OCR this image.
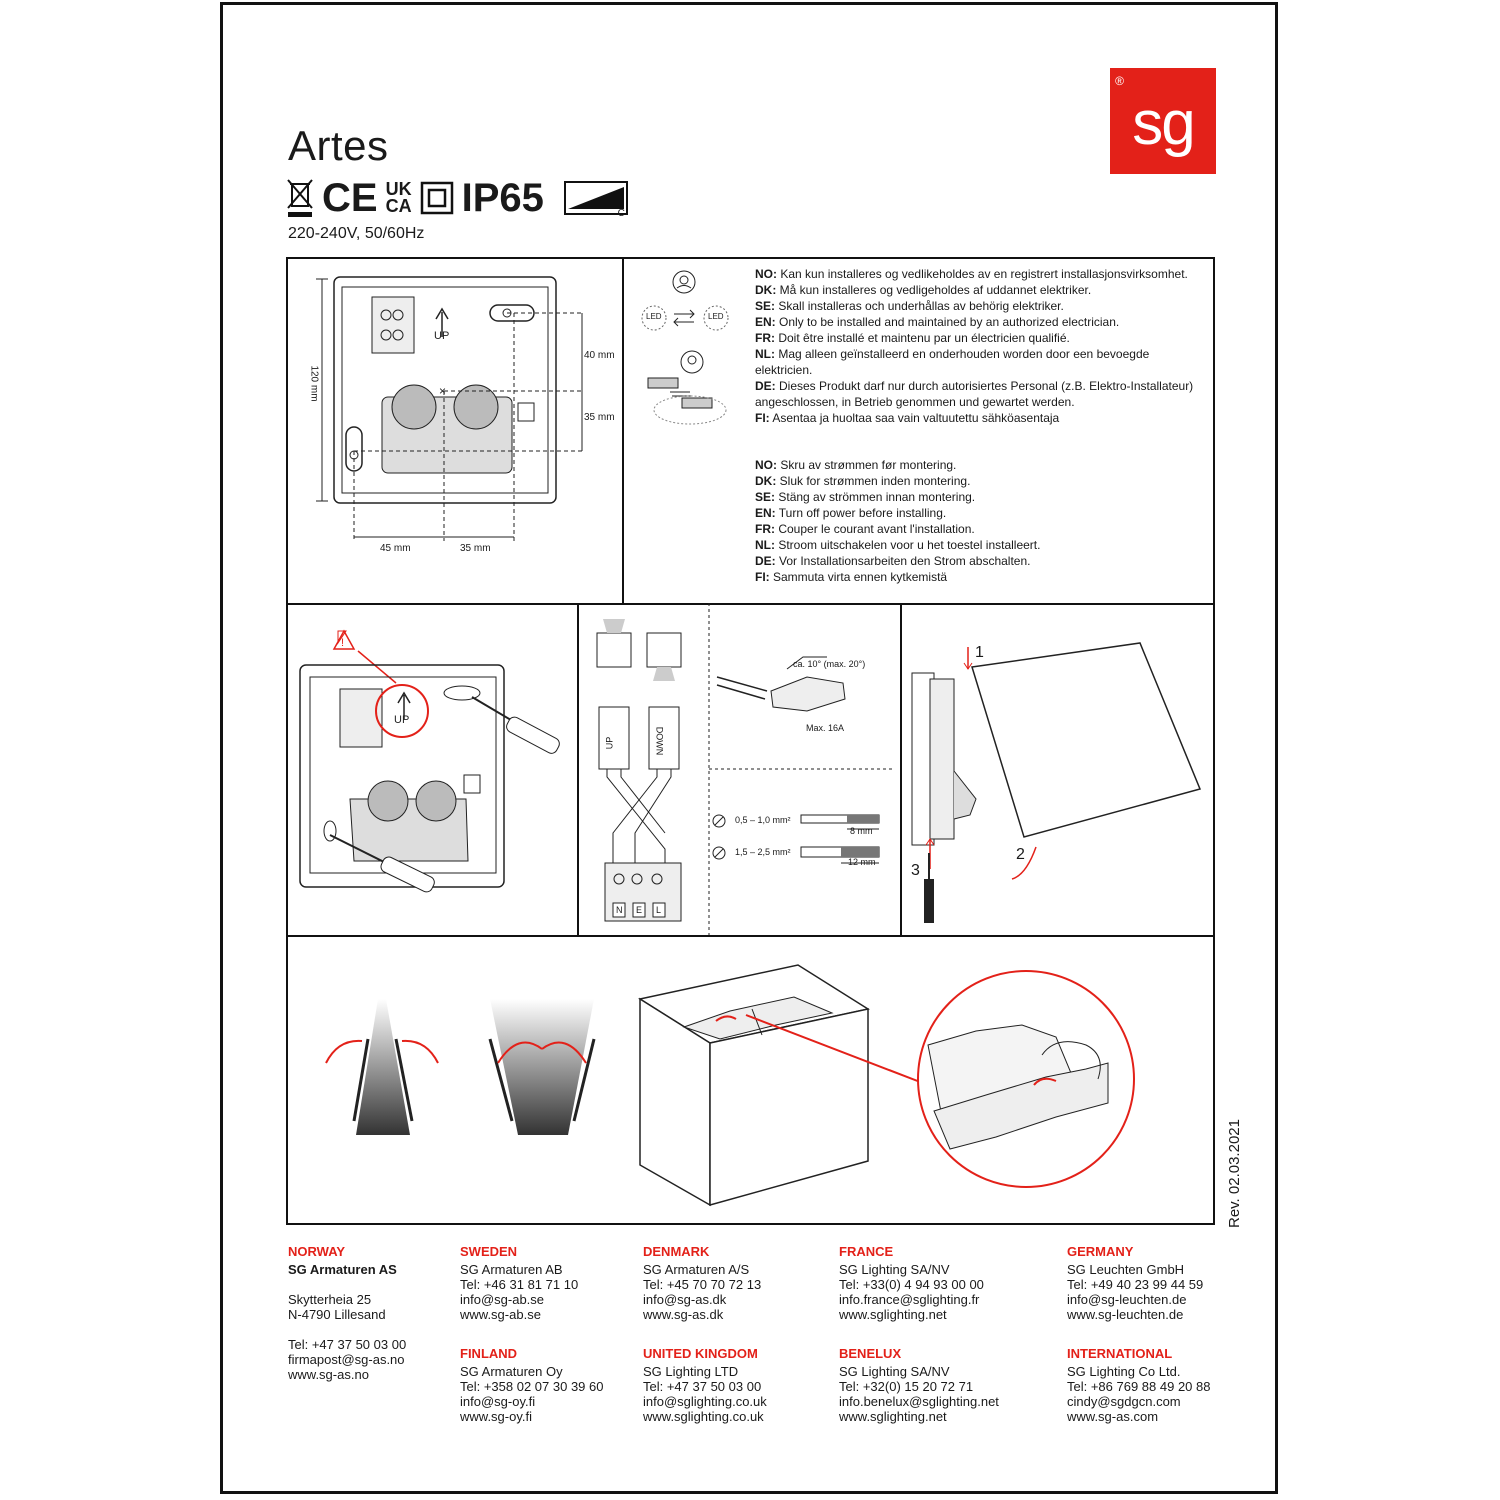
Artes
®
sg
CE UK
CA IP65	C
220-240V, 50/60Hz
UP
×
120 mm
40 mm
35 mm
45 mm	35 mm
LED	LED
NO: Kan kun installeres og vedlikeholdes av en registrert installasjonsvirksomhet.
DK: Må kun installeres og vedligeholdes af uddannet elektriker.
SE: Skall installeras och underhållas av behörig elektriker.
EN: Only to be installed and maintained by an authorized electrician.
FR: Doit être installé et maintenu par un électricien qualifié.
NL: Mag alleen geïnstalleerd en onderhouden worden door een bevoegde
elektricien.
DE: Dieses Produkt darf nur durch autorisiertes Personal (z.B. Elektro-Installateur)
angeschlossen, in Betrieb genommen und gewartet werden.
FI: Asentaa ja huoltaa saa vain valtuutettu sähköasentaja
NO: Skru av strømmen før montering.
DK: Sluk for strømmen inden montering.
SE: Stäng av strömmen innan montering.
EN: Turn off power before installing.
FR: Couper le courant avant l'installation.
NL: Stroom uitschakelen voor u het toestel installeert.
DE: Vor Installationsarbeiten den Strom abschalten.
FI: Sammuta virta ennen kytkemistä
!
UP
UP	DOWN
N E L
ca. 10° (max. 20°)
Max. 16A
0,5 – 1,0 mm²
1,5 – 2,5 mm²
8 mm
12 mm
1
2
3
Rev. 02.03.2021
NORWAY
SG Armaturen AS

Skytterheia 25
N-4790 Lillesand

Tel: +47 37 50 03 00
firmapost@sg-as.no
www.sg-as.no
SWEDEN
SG Armaturen AB
Tel: +46 31 81 71 10
info@sg-ab.se
www.sg-ab.se
DENMARK
SG Armaturen A/S
Tel: +45 70 70 72 13
info@sg-as.dk
www.sg-as.dk
FRANCE
SG Lighting SA/NV
Tel: +33(0) 4 94 93 00 00
info.france@sglighting.fr
www.sglighting.net
GERMANY
SG Leuchten GmbH
Tel: +49 40 23 99 44 59
info@sg-leuchten.de
www.sg-leuchten.de
FINLAND
SG Armaturen Oy
Tel: +358 02 07 30 39 60
info@sg-oy.fi
www.sg-oy.fi
UNITED KINGDOM
SG Lighting LTD
Tel: +47 37 50 03 00
info@sglighting.co.uk
www.sglighting.co.uk
BENELUX
SG Lighting SA/NV
Tel: +32(0) 15 20 72 71
info.benelux@sglighting.net
www.sglighting.net
INTERNATIONAL
SG Lighting Co Ltd.
Tel: +86 769 88 49 20 88
cindy@sgdgcn.com
www.sg-as.com
